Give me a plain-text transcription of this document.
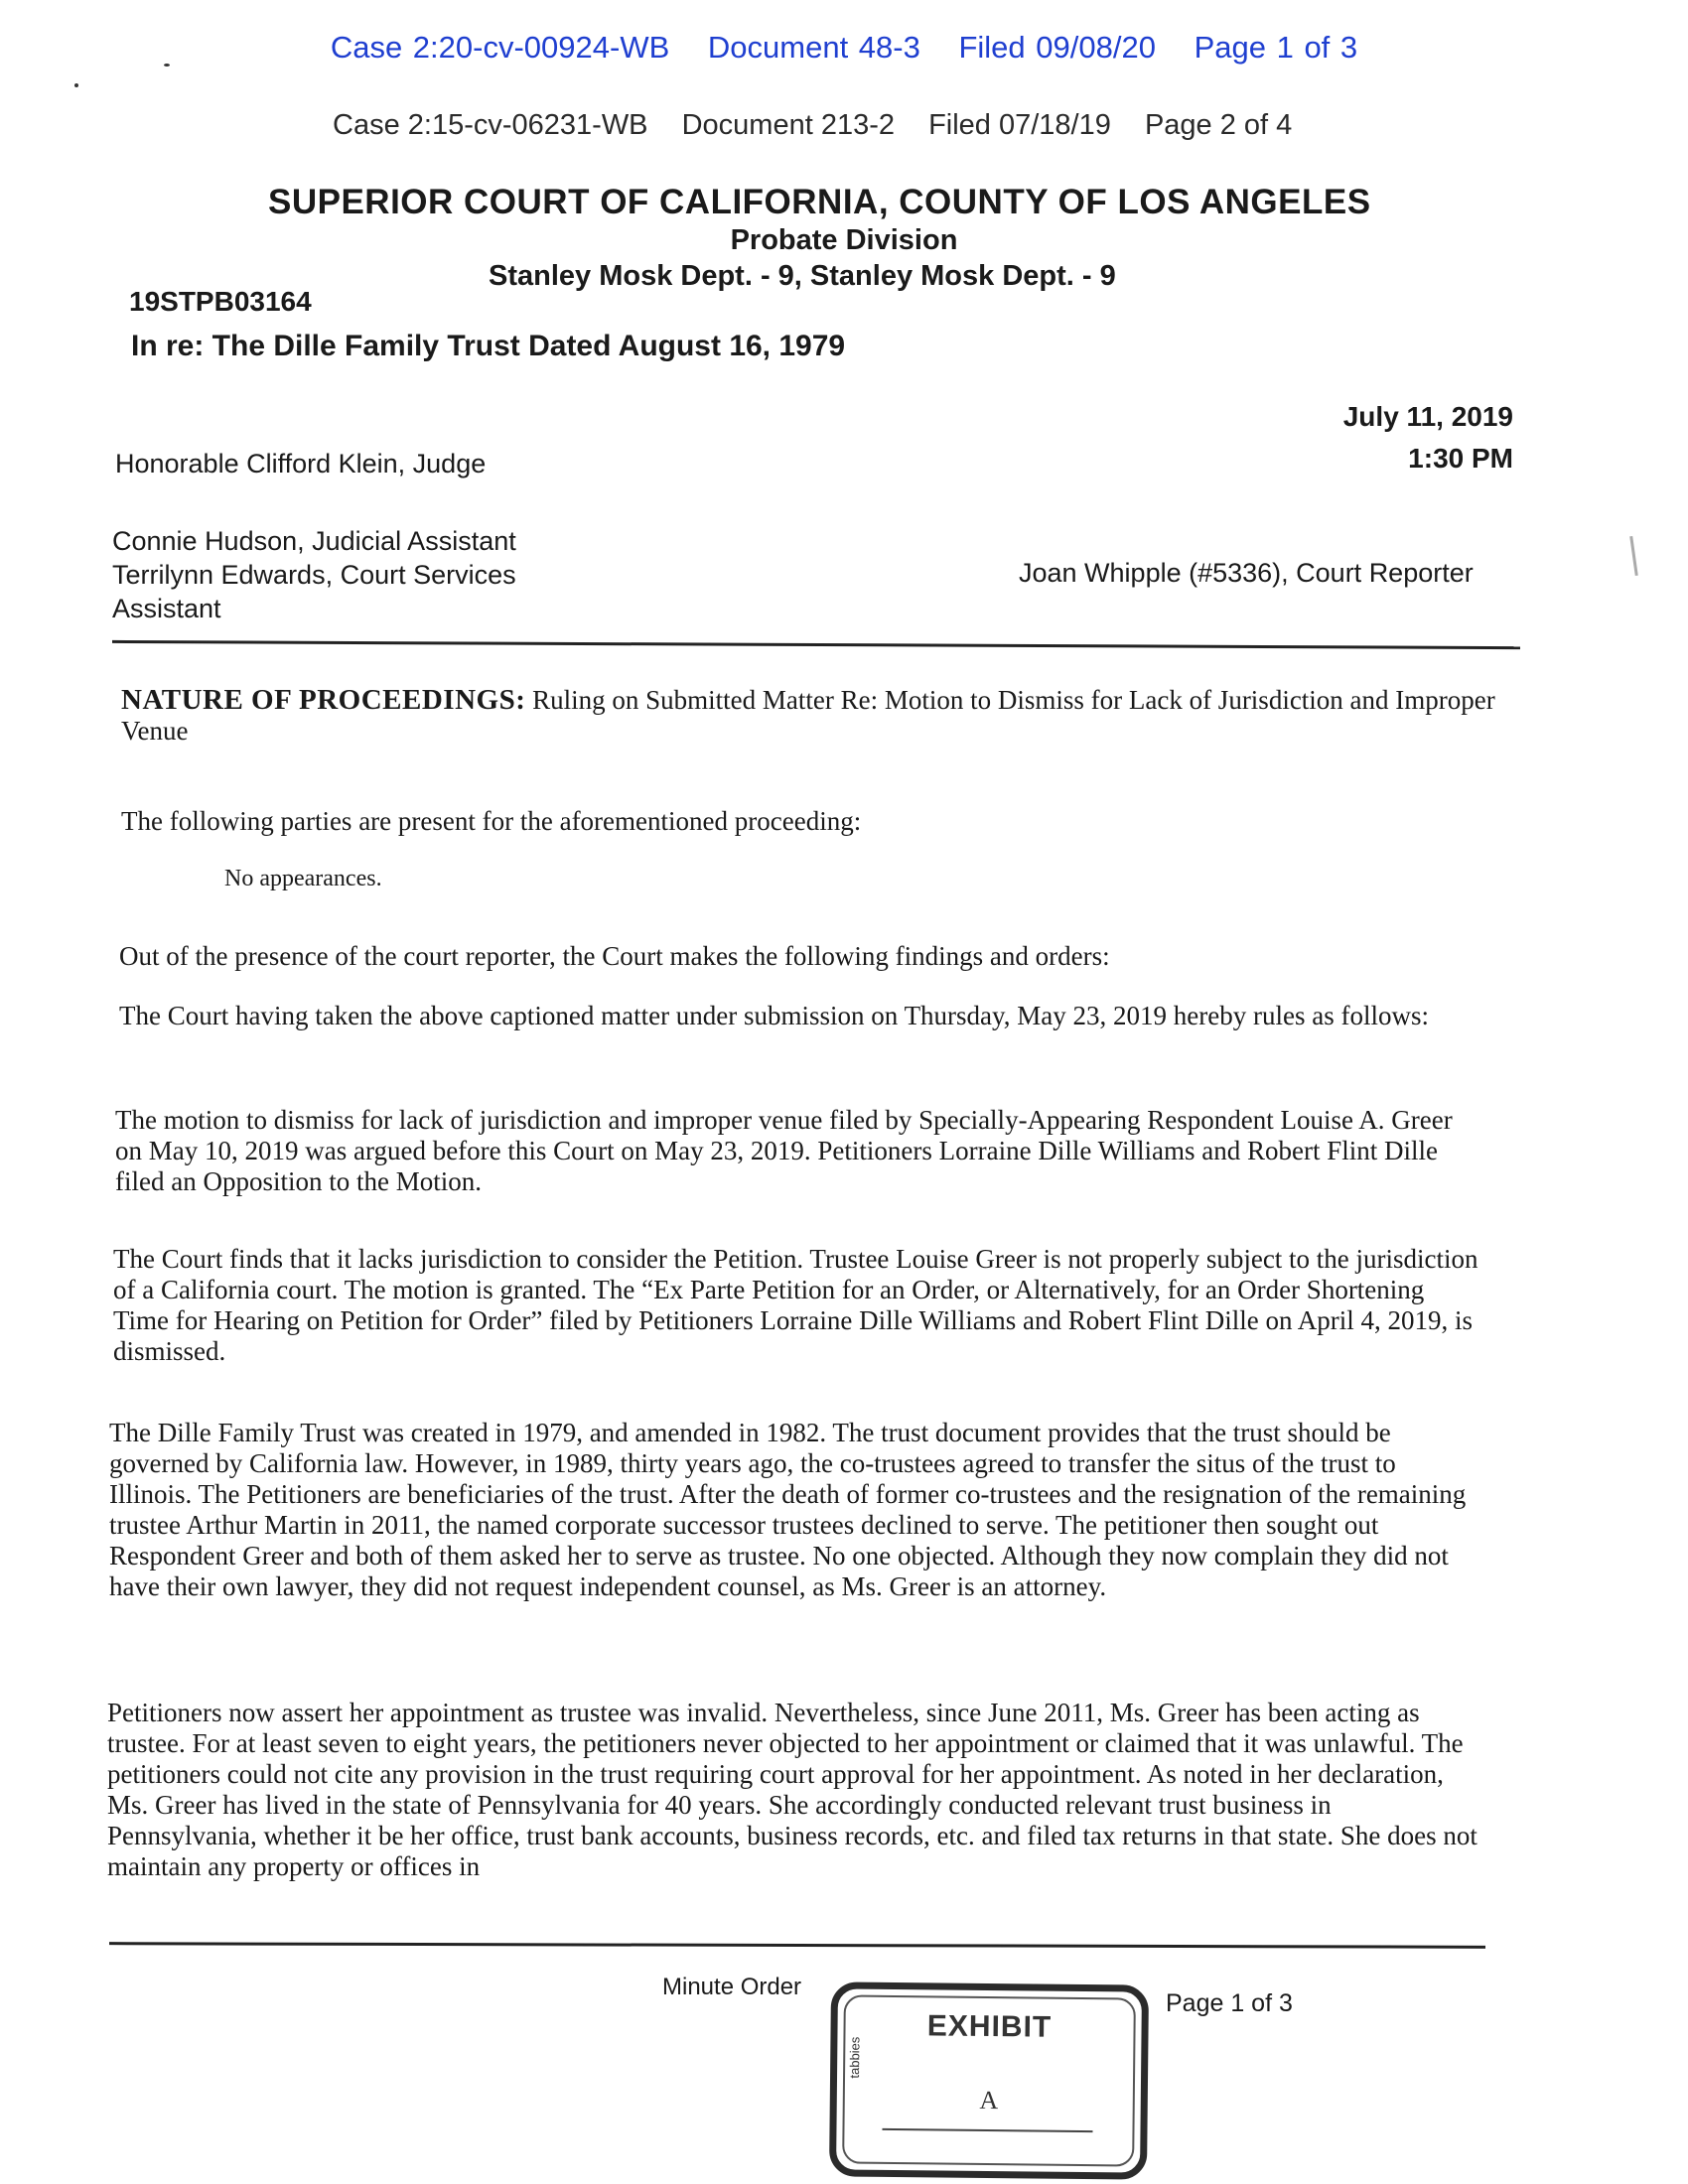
Case 2:20-cv-00924-WB Document 48-3 Filed 09/08/20 Page 1 of 3
Case 2:15-cv-06231-WB Document 213-2 Filed 07/18/19 Page 2 of 4
SUPERIOR COURT OF CALIFORNIA, COUNTY OF LOS ANGELES
Probate Division
Stanley Mosk Dept. - 9, Stanley Mosk Dept. - 9
19STPB03164
In re: The Dille Family Trust Dated August 16, 1979
July 11, 2019
1:30 PM
Honorable Clifford Klein, Judge
Connie Hudson, Judicial Assistant
Terrilynn Edwards, Court Services Assistant
Joan Whipple (#5336), Court Reporter
NATURE OF PROCEEDINGS: Ruling on Submitted Matter Re: Motion to Dismiss for Lack of Jurisdiction and Improper Venue
The following parties are present for the aforementioned proceeding:
No appearances.
Out of the presence of the court reporter, the Court makes the following findings and orders:
The Court having taken the above captioned matter under submission on Thursday, May 23, 2019 hereby rules as follows:
The motion to dismiss for lack of jurisdiction and improper venue filed by Specially-Appearing Respondent Louise A. Greer on May 10, 2019 was argued before this Court on May 23, 2019. Petitioners Lorraine Dille Williams and Robert Flint Dille filed an Opposition to the Motion.
The Court finds that it lacks jurisdiction to consider the Petition. Trustee Louise Greer is not properly subject to the jurisdiction of a California court. The motion is granted. The “Ex Parte Petition for an Order, or Alternatively, for an Order Shortening Time for Hearing on Petition for Order” filed by Petitioners Lorraine Dille Williams and Robert Flint Dille on April 4, 2019, is dismissed.
The Dille Family Trust was created in 1979, and amended in 1982. The trust document provides that the trust should be governed by California law. However, in 1989, thirty years ago, the co-trustees agreed to transfer the situs of the trust to Illinois. The Petitioners are beneficiaries of the trust. After the death of former co-trustees and the resignation of the remaining trustee Arthur Martin in 2011, the named corporate successor trustees declined to serve. The petitioner then sought out Respondent Greer and both of them asked her to serve as trustee. No one objected. Although they now complain they did not have their own lawyer, they did not request independent counsel, as Ms. Greer is an attorney.
Petitioners now assert her appointment as trustee was invalid. Nevertheless, since June 2011, Ms. Greer has been acting as trustee. For at least seven to eight years, the petitioners never objected to her appointment or claimed that it was unlawful. The petitioners could not cite any provision in the trust requiring court approval for her appointment. As noted in her declaration, Ms. Greer has lived in the state of Pennsylvania for 40 years. She accordingly conducted relevant trust business in Pennsylvania, whether it be her office, trust bank accounts, business records, etc. and filed tax returns in that state. She does not maintain any property or offices in
Minute Order
Page 1 of 3
EXHIBIT
tabbies
A
